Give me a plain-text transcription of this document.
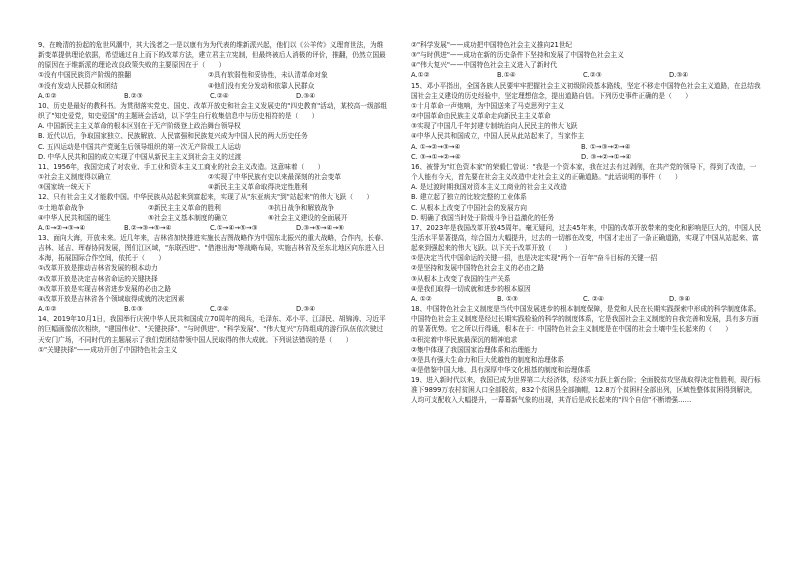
9、在晚清的扮起的危世风潮中，其大浅者之一是以康有为为代表的维新派兴起，他们以《公羊传》义理育世法，为维新变革提供理论依据，希望通过自上而下的改革方法，建立君主立宪制，但最终被后人消极的评价，推翻，仍然立国最的原因在于维新派的理论改良政策失败的主要原因在于（　　）

①没有中国民族资产阶级的推翻	②具有软弱性和妥协性，未认清革命对象
③没有发动人民群众和团结	④他们没有充分发动和依靠人民群众
A.①②	B.②③	C.②④	D.③④

10、历史是最好的教科书。为贯彻落实党史、国史、改革开放史和社会主义发展史的"四史教育"活动，某校高一级部组织了"知史爱党，知史爱国"的主题班会活动，以下学生自行收集信息中与历史相符的是（　　）

A. 中国新民主主义革命的根本区别在于无产阶级登上政治舞台领导权

B. 近代以后，争取国家独立、民族解放、人民富强和民族复兴成为中国人民的两大历史任务

C. 五四运动是中国共产党诞生后领导组织的第一次无产阶级工人运动

D. 中华人民共和国的成立实现了中国从新民主主义到社会主义的过渡

11、1956年，我国完成了对农业、手工业和资本主义工商业的社会主义改造。这意味着（　　）

①社会主义制度得以确立	②实现了中华民族有史以来最深刻的社会变革
③国家统一统天下	④新民主主义革命取得决定性胜利

12、只有社会主义才能救中国。中华民族从站起来到富起来，实现了从"东亚病夫"到"站起来"的伟大飞跃（　　）

①土地革命战争	②新民主主义革命的胜利	③抗日战争和解放战争
④中华人民共和国的诞生	⑤社会主义基本制度的确立	⑥社会主义建设的全面展开
A.①→②→③→④	B.②→③→⑤→④	C.①→④→⑤→③	D.③→⑤→④→⑥

13、面向大海，开放未来。近几年来，吉林省加快推进实施长吉图战略作为中国东北振兴的重大战略，合作内，长春、吉林、延吉、珲春协同发展，图们江区域，"东联西进"、"借港出海"等战略布局，实施吉林省及至东北地区向东进入日本海，拓展国际合作空间，依托于（　　）

①改革开放是推动吉林省发展的根本动力

②改革开放是决定吉林省命运的关键抉择

③改革开放是实现吉林省进步发展的必由之路

④改革开放是吉林省各个领域取得成就的决定因素

A.①②	B.①③	C.②④	D.③④

14、2019年10月1日，我国举行庆祝中华人民共和国成立70周年的阅兵，毛泽东、邓小平、江泽民、胡锦涛、习近平的巨幅画像依次相续，"建国伟业"、"关键抉择"、"与时俱进"、"科学发展"、"伟大复兴"方阵组成的游行队伍依次驶过天安门广场，不同时代的主题展示了我们党团结带领中国人民取得的伟大成就。下列说法错误的是（　　）

①"关键抉择"——成功开创了中国特色社会主义

②"科学发展"——成功把中国特色社会主义推向21世纪

③"与时俱进"——成功在新的历史条件下坚持和发展了中国特色社会主义

④"伟大复兴"——中国特色社会主义进入了新时代

A.①②	B.①④	C.②③	D.③④

15、邓小平指出，全国各族人民要牢牢把握社会主义初级阶段基本路线，坚定不移走中国特色社会主义道路，在总结我国社会主义建设的历史经验中，坚定理想信念，提出道路自信。下列历史事件正确的是（　　）

①十月革命一声炮响，为中国送来了马克思列宁主义

②中国革命由民族主义革命走向新民主主义革命

③实现了中国几千年封建专制统治向人民民主的伟大飞跃

④中华人民共和国成立，中国人民从此站起来了，当家作主

A. ①→②→③→④	B. ①→③→②→④
C. ③→①→②→④	D. ③→②→①→④

16、被誉为"红色资本家"的荣毅仁曾说："我是一个资本家，我在过去有过剥削，在共产党的领导下，得到了改造，一个人能有今天，首先要在社会主义改造中走社会主义的正确道路。"此话说明的事件（　　）

A. 是过渡时期我国对资本主义工商业的社会主义改造

B. 建立起了独立的比较完整的工业体系

C. 从根本上改变了中国社会的发展方向

D. 明确了我国当时处于阶级斗争日益激化的任务

17、2023年是我国改革开放45周年。毫无疑问，过去45年来，中国的改革开放带来的变化和影响是巨大的，中国人民生活水平显著提高，综合国力大幅提升，过去的一切都在改变，中国才走出了一条正确道路，实现了中国从站起来、富起来到强起来的伟大飞跃。以下关于改革开放（　　）

①是决定当代中国命运的关键一招，也是决定实现"两个一百年"奋斗目标的关键一招

②是坚持和发展中国特色社会主义的必由之路

③从根本上改变了我国的生产关系

④是我们取得一切成就和进步的根本原因

A. ①②	B. ①③	C. ②④	D. ③④

18、中国特色社会主义制度是当代中国发展进步的根本制度保障，是党和人民在长期实践探索中形成的科学制度体系。中国特色社会主义制度是经过长期实践检验的科学的制度体系，它是我国社会主义制度的自我完善和发展，具有多方面的显著优势。它之所以行得通，根本在于：中国特色社会主义制度是在中国的社会土壤中生长起来的（　　）

①积淀着中华民族最深沉的精神追求

②集中体现了我国国家治理体系和治理能力

③是具有强大生命力和巨大优越性的制度和治理体系

④是借鉴中国大地、具有深厚中华文化根基的制度和治理体系

19、进入新时代以来，我国已成为世界第二大经济体，经济实力跃上新台阶；全面脱贫攻坚战取得决定性胜利，现行标准下9899万农村贫困人口全部脱贫，832个贫困县全部摘帽，12.8万个贫困村全部出列，区域性整体贫困得到解决，人均可支配收入大幅提升，一幕幕新气象的出现，其背后是成长起来的"四个自信"不断增强……
